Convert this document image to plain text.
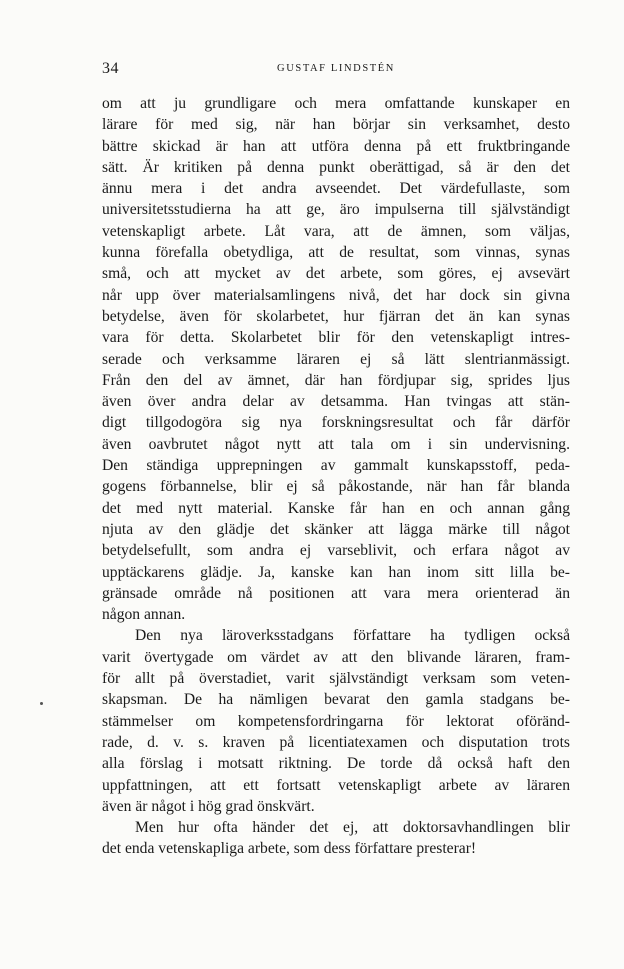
34	GUSTAF LINDSTÉN
om att ju grundligare och mera omfattande kunskaper en
lärare för med sig, när han börjar sin verksamhet, desto
bättre skickad är han att utföra denna på ett fruktbringande
sätt. Är kritiken på denna punkt oberättigad, så är den det
ännu mera i det andra avseendet. Det värdefullaste, som
universitetsstudierna ha att ge, äro impulserna till självständigt
vetenskapligt arbete. Låt vara, att de ämnen, som väljas,
kunna förefalla obetydliga, att de resultat, som vinnas, synas
små, och att mycket av det arbete, som göres, ej avsevärt
når upp över materialsamlingens nivå, det har dock sin givna
betydelse, även för skolarbetet, hur fjärran det än kan synas
vara för detta. Skolarbetet blir för den vetenskapligt intres-
serade och verksamme läraren ej så lätt slentrianmässigt.
Från den del av ämnet, där han fördjupar sig, sprides ljus
även över andra delar av detsamma. Han tvingas att stän-
digt tillgodogöra sig nya forskningsresultat och får därför
även oavbrutet något nytt att tala om i sin undervisning.
Den ständiga upprepningen av gammalt kunskapsstoff, peda-
gogens förbannelse, blir ej så påkostande, när han får blanda
det med nytt material. Kanske får han en och annan gång
njuta av den glädje det skänker att lägga märke till något
betydelsefullt, som andra ej varseblivit, och erfara något av
upptäckarens glädje. Ja, kanske kan han inom sitt lilla be-
gränsade område nå positionen att vara mera orienterad än
någon annan.
Den nya läroverksstadgans författare ha tydligen också
varit övertygade om värdet av att den blivande läraren, fram-
för allt på överstadiet, varit självständigt verksam som veten-
skapsman. De ha nämligen bevarat den gamla stadgans be-
stämmelser om kompetensfordringarna för lektorat oföränd-
rade, d. v. s. kraven på licentiatexamen och disputation trots
alla förslag i motsatt riktning. De torde då också haft den
uppfattningen, att ett fortsatt vetenskapligt arbete av läraren
även är något i hög grad önskvärt.
Men hur ofta händer det ej, att doktorsavhandlingen blir
det enda vetenskapliga arbete, som dess författare presterar!
